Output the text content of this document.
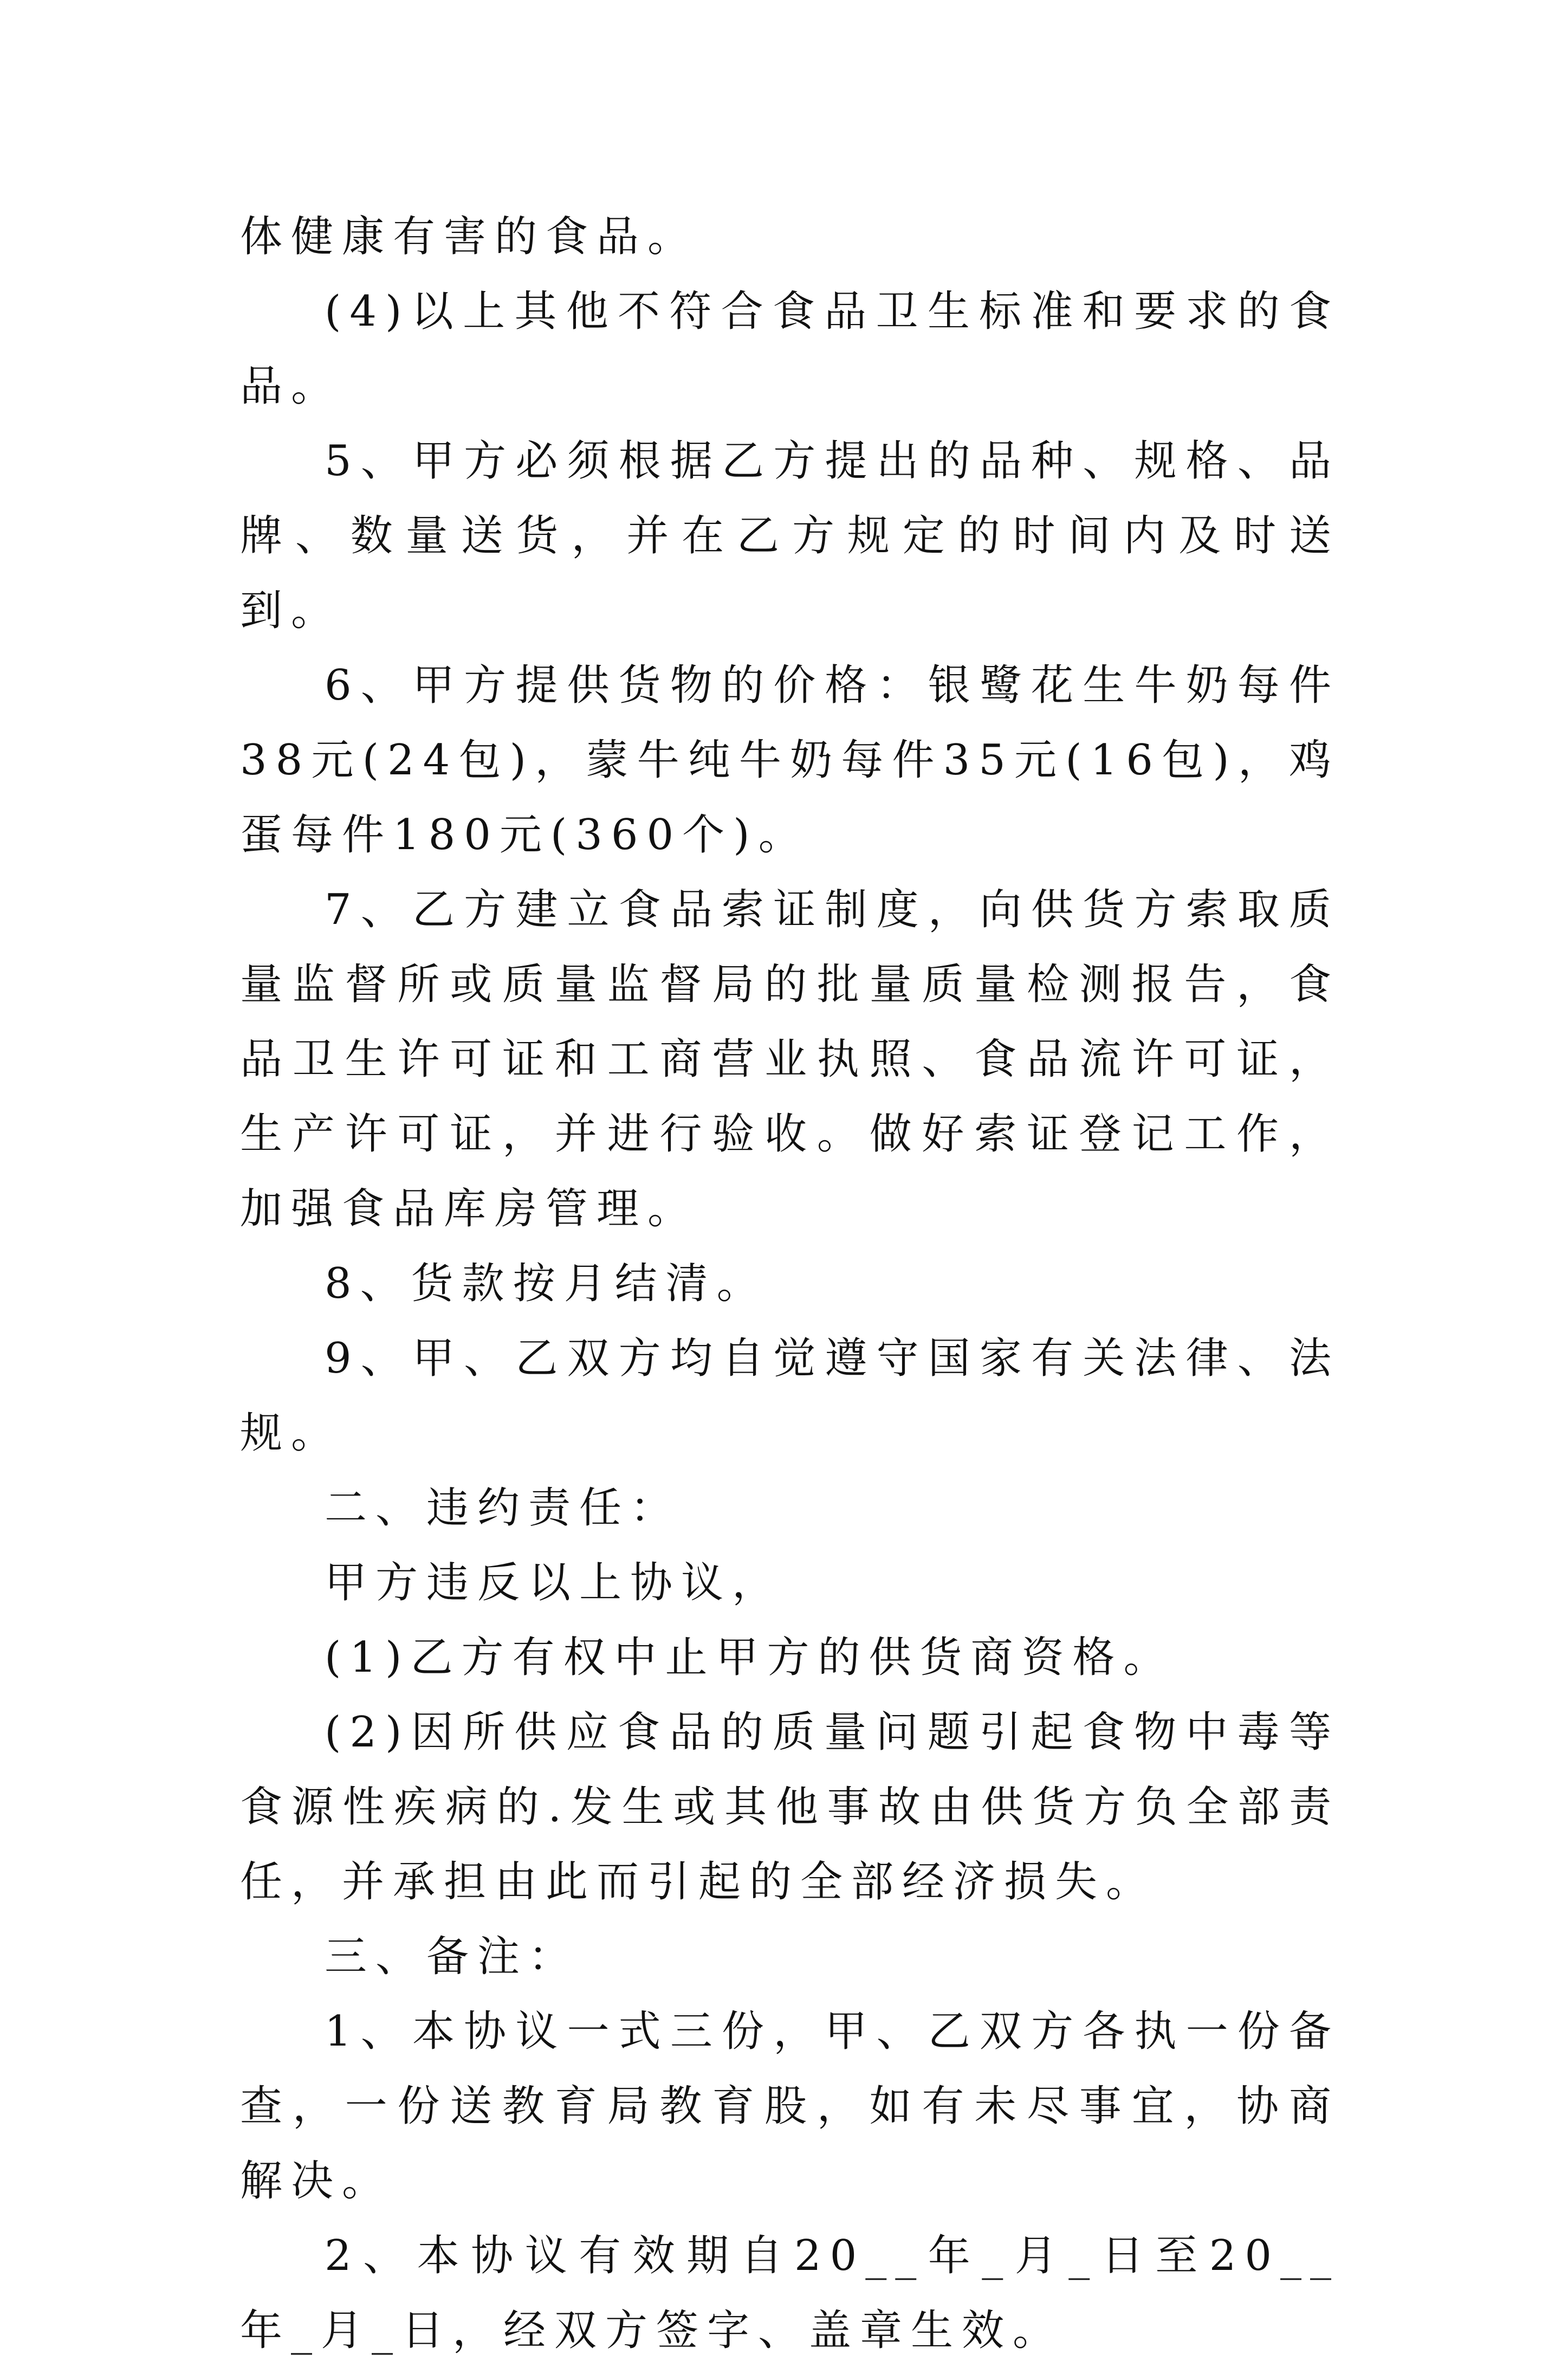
体健康有害的食品。

(4)以上其他不符合食品卫生标准和要求的食品。

5、甲方必须根据乙方提出的品种、规格、品牌、数量送货，并在乙方规定的时间内及时送到。

6、甲方提供货物的价格：银鹭花生牛奶每件38元(24包)，蒙牛纯牛奶每件35元(16包)，鸡蛋每件180元(360个)。

7、乙方建立食品索证制度，向供货方索取质量监督所或质量监督局的批量质量检测报告，食品卫生许可证和工商营业执照、食品流许可证，生产许可证，并进行验收。做好索证登记工作，加强食品库房管理。

8、货款按月结清。

9、甲、乙双方均自觉遵守国家有关法律、法规。

二、违约责任：

甲方违反以上协议，

(1)乙方有权中止甲方的供货商资格。

(2)因所供应食品的质量问题引起食物中毒等食源性疾病的.发生或其他事故由供货方负全部责任，并承担由此而引起的全部经济损失。

三、备注：

1、本协议一式三份，甲、乙双方各执一份备查，一份送教育局教育股，如有未尽事宜，协商解决。

2、本协议有效期自20__年_月_日至20__年_月_日，经双方签字、盖章生效。
